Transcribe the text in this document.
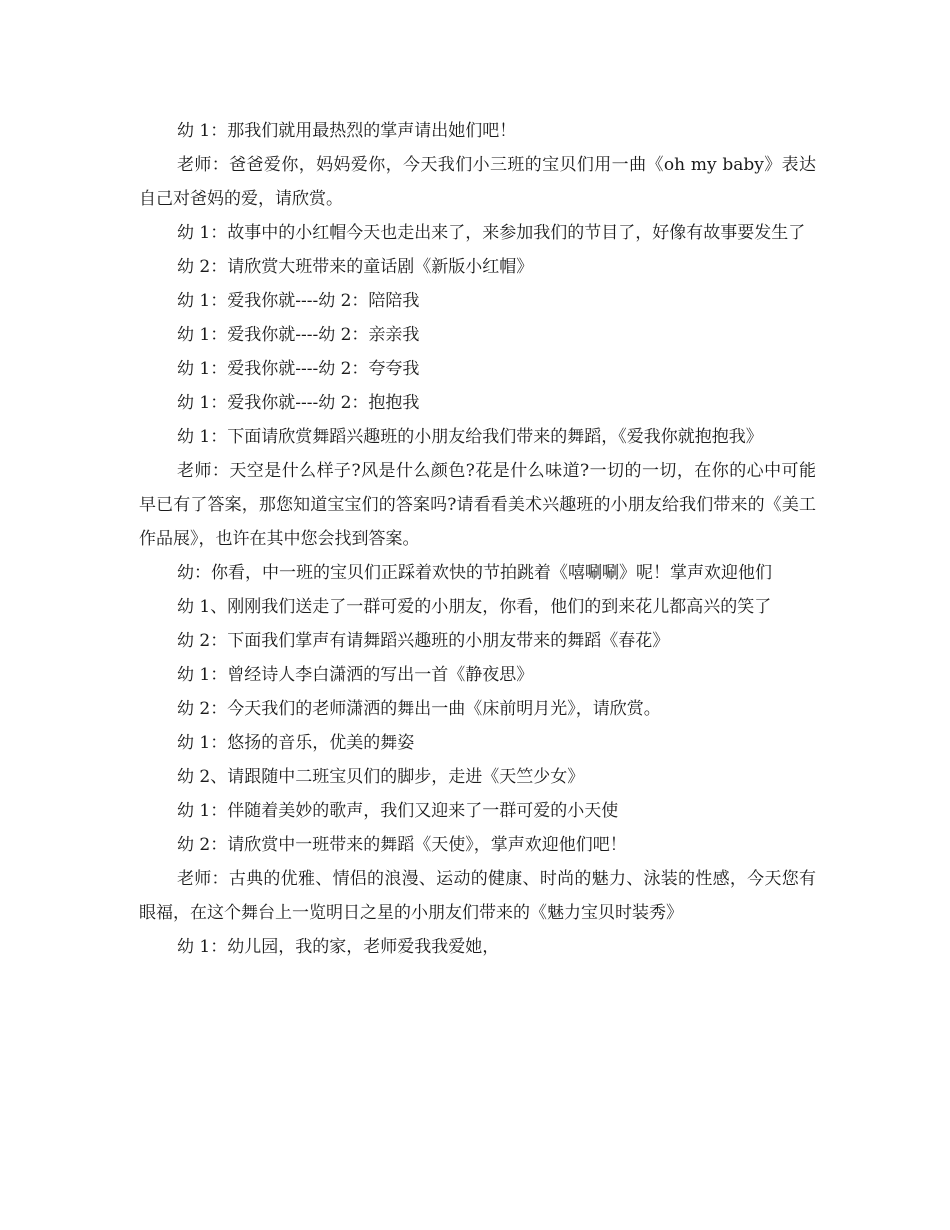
幼 1：那我们就用最热烈的掌声请出她们吧！

老师：爸爸爱你，妈妈爱你，今天我们小三班的宝贝们用一曲《oh my baby》表达自己对爸妈的爱，请欣赏。

幼 1：故事中的小红帽今天也走出来了，来参加我们的节目了，好像有故事要发生了

幼 2：请欣赏大班带来的童话剧《新版小红帽》

幼 1：爱我你就----幼 2：陪陪我

幼 1：爱我你就----幼 2：亲亲我

幼 1：爱我你就----幼 2：夸夸我

幼 1：爱我你就----幼 2：抱抱我

幼 1：下面请欣赏舞蹈兴趣班的小朋友给我们带来的舞蹈，《爱我你就抱抱我》

老师：天空是什么样子?风是什么颜色?花是什么味道?一切的一切，在你的心中可能早已有了答案，那您知道宝宝们的答案吗?请看看美术兴趣班的小朋友给我们带来的《美工作品展》，也许在其中您会找到答案。

幼：你看，中一班的宝贝们正踩着欢快的节拍跳着《嘻唰唰》呢！掌声欢迎他们

幼 1、刚刚我们送走了一群可爱的小朋友，你看，他们的到来花儿都高兴的笑了

幼 2：下面我们掌声有请舞蹈兴趣班的小朋友带来的舞蹈《春花》

幼 1：曾经诗人李白潇洒的写出一首《静夜思》

幼 2：今天我们的老师潇洒的舞出一曲《床前明月光》，请欣赏。

幼 1：悠扬的音乐，优美的舞姿

幼 2、请跟随中二班宝贝们的脚步，走进《天竺少女》

幼 1：伴随着美妙的歌声，我们又迎来了一群可爱的小天使

幼 2：请欣赏中一班带来的舞蹈《天使》，掌声欢迎他们吧！

老师：古典的优雅、情侣的浪漫、运动的健康、时尚的魅力、泳装的性感，今天您有眼福，在这个舞台上一览明日之星的小朋友们带来的《魅力宝贝时装秀》

幼 1：幼儿园，我的家，老师爱我我爱她，
